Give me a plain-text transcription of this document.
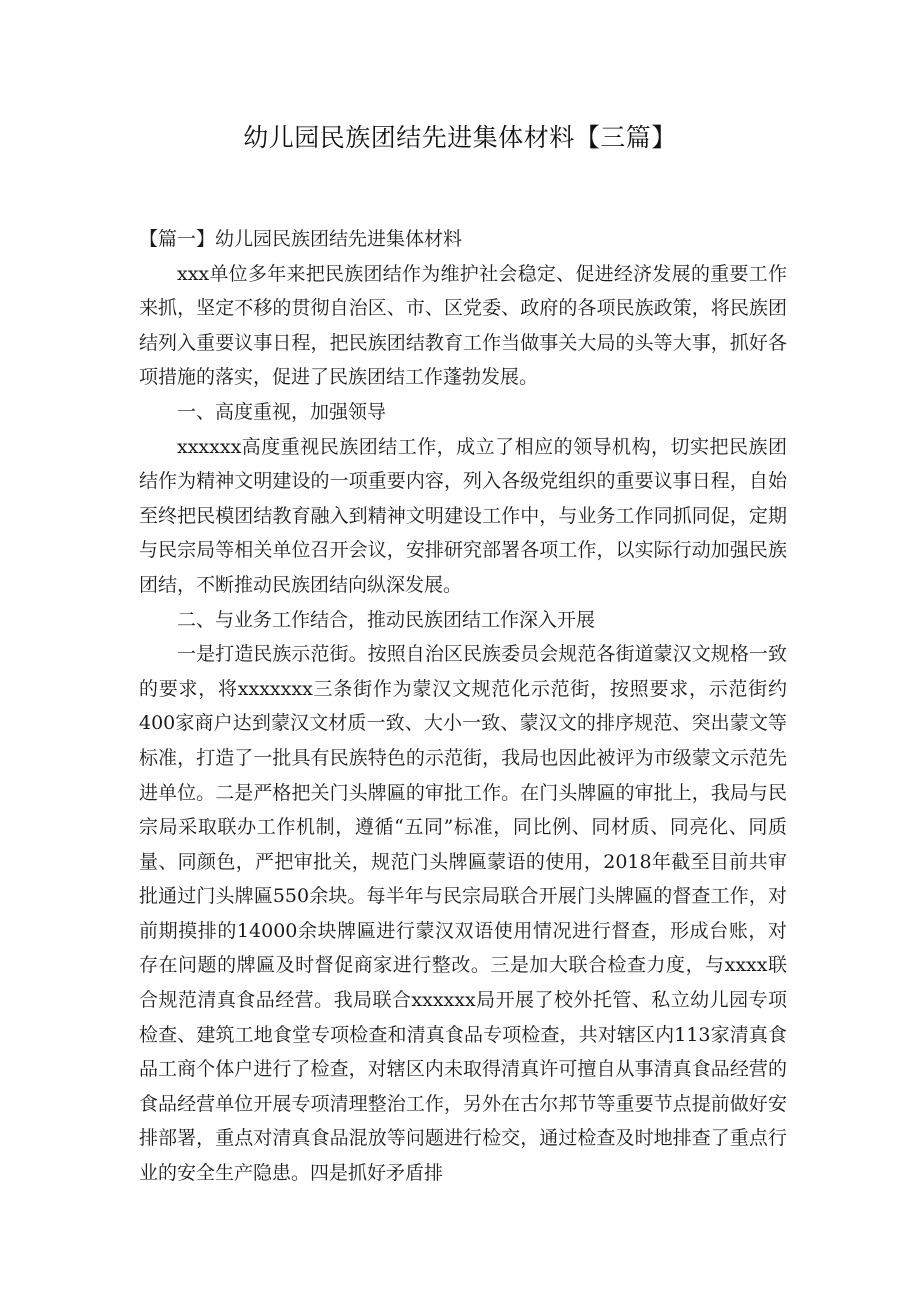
幼儿园民族团结先进集体材料【三篇】

【篇一】幼儿园民族团结先进集体材料

xxx单位多年来把民族团结作为维护社会稳定、促进经济发展的重要工作来抓，坚定不移的贯彻自治区、市、区党委、政府的各项民族政策，将民族团结列入重要议事日程，把民族团结教育工作当做事关大局的头等大事，抓好各项措施的落实，促进了民族团结工作蓬勃发展。

一、高度重视，加强领导

xxxxxx高度重视民族团结工作，成立了相应的领导机构，切实把民族团结作为精神文明建设的一项重要内容，列入各级党组织的重要议事日程，自始至终把民模团结教育融入到精神文明建设工作中，与业务工作同抓同促，定期与民宗局等相关单位召开会议，安排研究部署各项工作，以实际行动加强民族团结，不断推动民族团结向纵深发展。

二、与业务工作结合，推动民族团结工作深入开展

一是打造民族示范街。按照自治区民族委员会规范各街道蒙汉文规格一致的要求，将xxxxxxx三条街作为蒙汉文规范化示范街，按照要求，示范街约400家商户达到蒙汉文材质一致、大小一致、蒙汉文的排序规范、突出蒙文等标准，打造了一批具有民族特色的示范街，我局也因此被评为市级蒙文示范先进单位。二是严格把关门头牌匾的审批工作。在门头牌匾的审批上，我局与民宗局采取联办工作机制，遵循“五同”标准，同比例、同材质、同亮化、同质量、同颜色，严把审批关，规范门头牌匾蒙语的使用，2018年截至目前共审批通过门头牌匾550余块。每半年与民宗局联合开展门头牌匾的督查工作，对前期摸排的14000余块牌匾进行蒙汉双语使用情况进行督查，形成台账，对存在问题的牌匾及时督促商家进行整改。三是加大联合检查力度，与xxxx联合规范清真食品经营。我局联合xxxxxx局开展了校外托管、私立幼儿园专项检查、建筑工地食堂专项检查和清真食品专项检查，共对辖区内113家清真食品工商个体户进行了检查，对辖区内未取得清真许可擅自从事清真食品经营的食品经营单位开展专项清理整治工作，另外在古尔邦节等重要节点提前做好安排部署，重点对清真食品混放等问题进行检交，通过检查及时地排查了重点行业的安全生产隐患。四是抓好矛盾排
